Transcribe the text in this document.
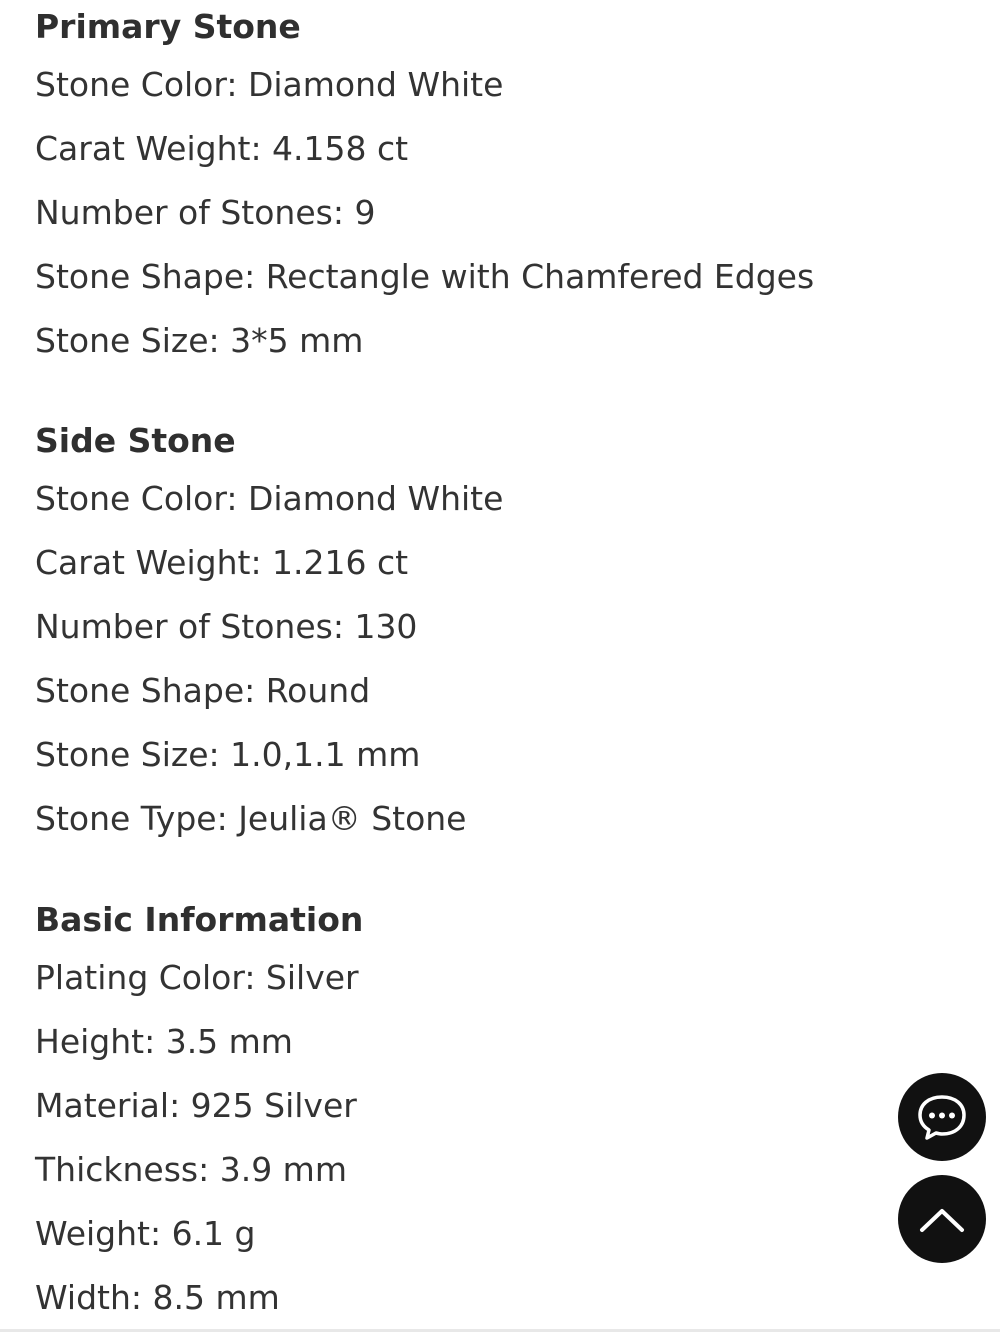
Primary Stone
Stone Color: Diamond White
Carat Weight: 4.158 ct
Number of Stones: 9
Stone Shape: Rectangle with Chamfered Edges
Stone Size: 3*5 mm
Side Stone
Stone Color: Diamond White
Carat Weight: 1.216 ct
Number of Stones: 130
Stone Shape: Round
Stone Size: 1.0,1.1 mm
Stone Type: Jeulia® Stone
Basic Information
Plating Color: Silver
Height: 3.5 mm
Material: 925 Silver
Thickness: 3.9 mm
Weight: 6.1 g
Width: 8.5 mm
